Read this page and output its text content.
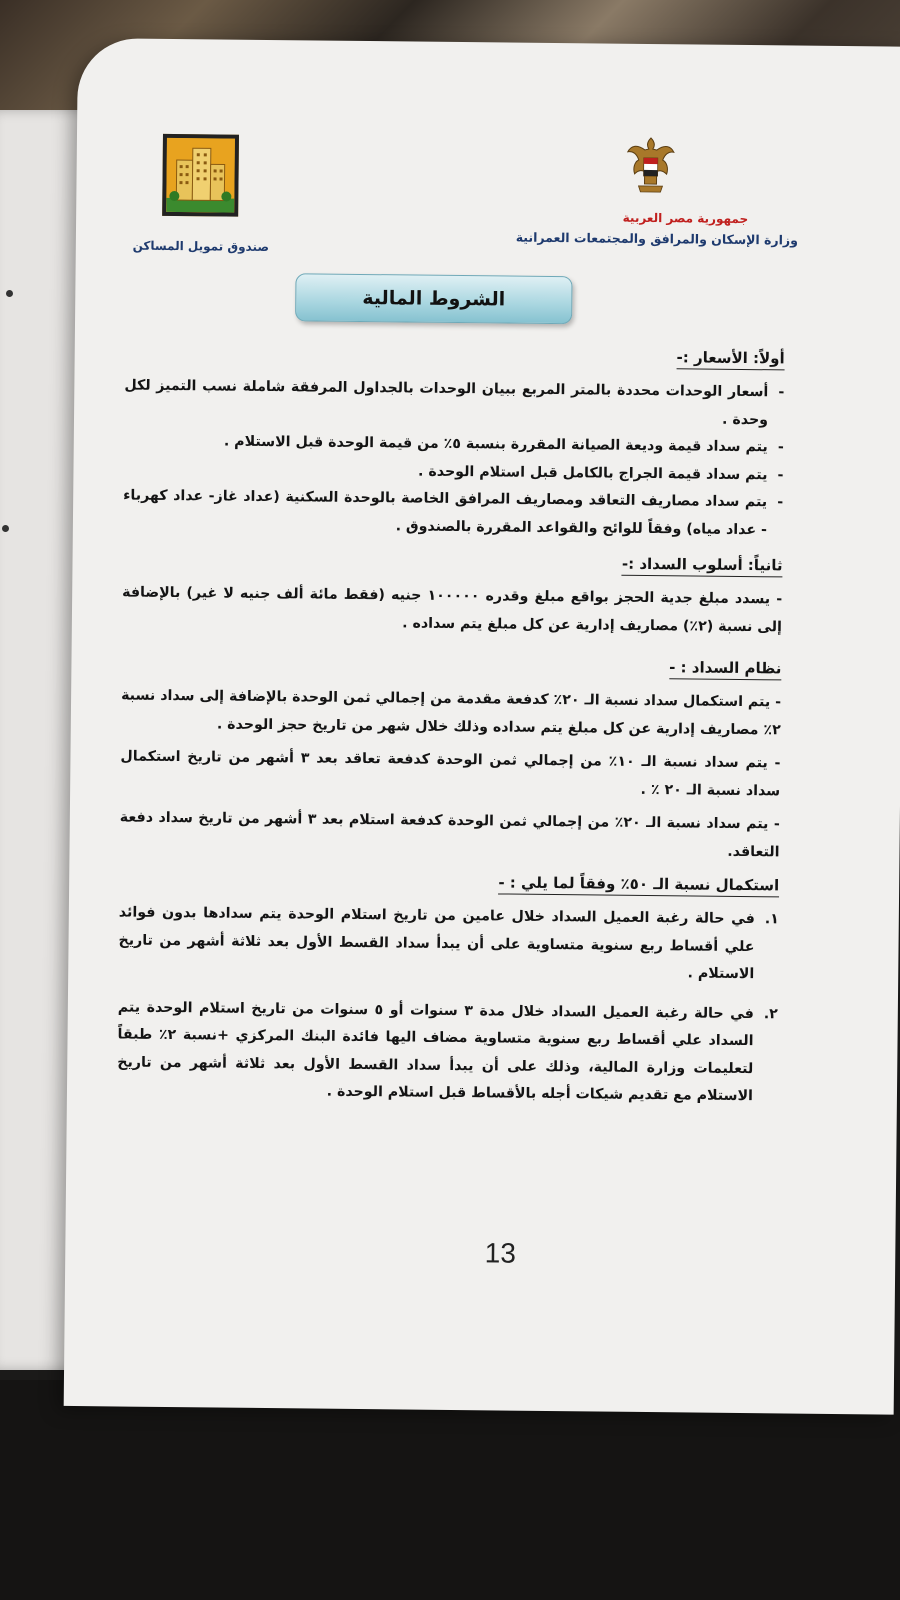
جمهورية مصر العربية
وزارة الإسكان والمرافق والمجتمعات العمرانية
صندوق تمويل المساكن
الشروط المالية
أولاً: الأسعار :-
-
أسعار الوحدات محددة بالمتر المربع ببيان الوحدات بالجداول المرفقة شاملة نسب التميز لكل وحدة .
-
يتم سداد قيمة وديعة الصيانة المقررة بنسبة ٥٪ من قيمة الوحدة قبل الاستلام .
-
يتم سداد قيمة الجراج بالكامل قبل استلام الوحدة .
-
يتم سداد مصاريف التعاقد ومصاريف المرافق الخاصة بالوحدة السكنية (عداد غاز- عداد كهرباء - عداد مياه) وفقاً للوائح والقواعد المقررة بالصندوق .
ثانياً: أسلوب السداد :-
- يسدد مبلغ جدية الحجز بواقع مبلغ وقدره ١٠٠٠٠٠ جنيه (فقط مائة ألف جنيه لا غير) بالإضافة إلى نسبة (٢٪) مصاريف إدارية عن كل مبلغ يتم سداده .
نظام السداد : -
- يتم استكمال سداد نسبة الـ ٢٠٪ كدفعة مقدمة من إجمالي ثمن الوحدة بالإضافة إلى سداد نسبة ٢٪ مصاريف إدارية عن كل مبلغ يتم سداده وذلك خلال شهر من تاريخ حجز الوحدة .
- يتم سداد نسبة الـ ١٠٪ من إجمالي ثمن الوحدة كدفعة تعاقد بعد ٣ أشهر من تاريخ استكمال سداد نسبة الـ ٢٠ ٪ .
- يتم سداد نسبة الـ ٢٠٪ من إجمالي ثمن الوحدة كدفعة استلام بعد ٣ أشهر من تاريخ سداد دفعة التعاقد.
استكمال نسبة الـ ٥٠٪ وفقاً لما يلي : -
١.
في حالة رغبة العميل السداد خلال عامين من تاريخ استلام الوحدة يتم سدادها بدون فوائد علي أقساط ربع سنوية متساوية على أن يبدأ سداد القسط الأول بعد ثلاثة أشهر من تاريخ الاستلام .
٢.
في حالة رغبة العميل السداد خلال مدة ٣ سنوات أو ٥ سنوات من تاريخ استلام الوحدة يتم السداد علي أقساط ربع سنوية متساوية مضاف اليها فائدة البنك المركزي +نسبة ٢٪ طبقاً لتعليمات وزارة المالية، وذلك على أن يبدأ سداد القسط الأول بعد ثلاثة أشهر من تاريخ الاستلام مع تقديم شيكات أجله بالأقساط قبل استلام الوحدة .
13
